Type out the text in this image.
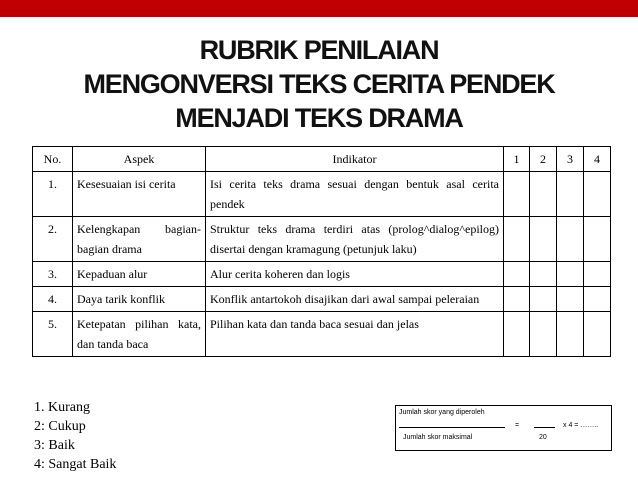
RUBRIK PENILAIAN
MENGONVERSI TEKS CERITA PENDEK
MENJADI TEKS DRAMA
No.	Aspek	Indikator	1	2	3	4
1.	Kesesuaian isi cerita	Isi cerita teks drama sesuai dengan bentuk asal cerita pendek				
2.	Kelengkapan bagian-bagian drama	Struktur teks drama terdiri atas (prolog^dialog^epilog) disertai dengan kramagung (petunjuk laku)				
3.	Kepaduan alur	Alur cerita koheren dan logis				
4.	Daya tarik konflik	Konflik antartokoh disajikan dari awal sampai peleraian				
5.	Ketepatan pilihan kata, dan tanda baca	Pilihan kata dan tanda baca sesuai dan jelas				
1. Kurang
2: Cukup
3: Baik
4: Sangat Baik
Jumlah skor yang diperoleh
=	x 4 = ……..
Jumlah skor maksimal	20
